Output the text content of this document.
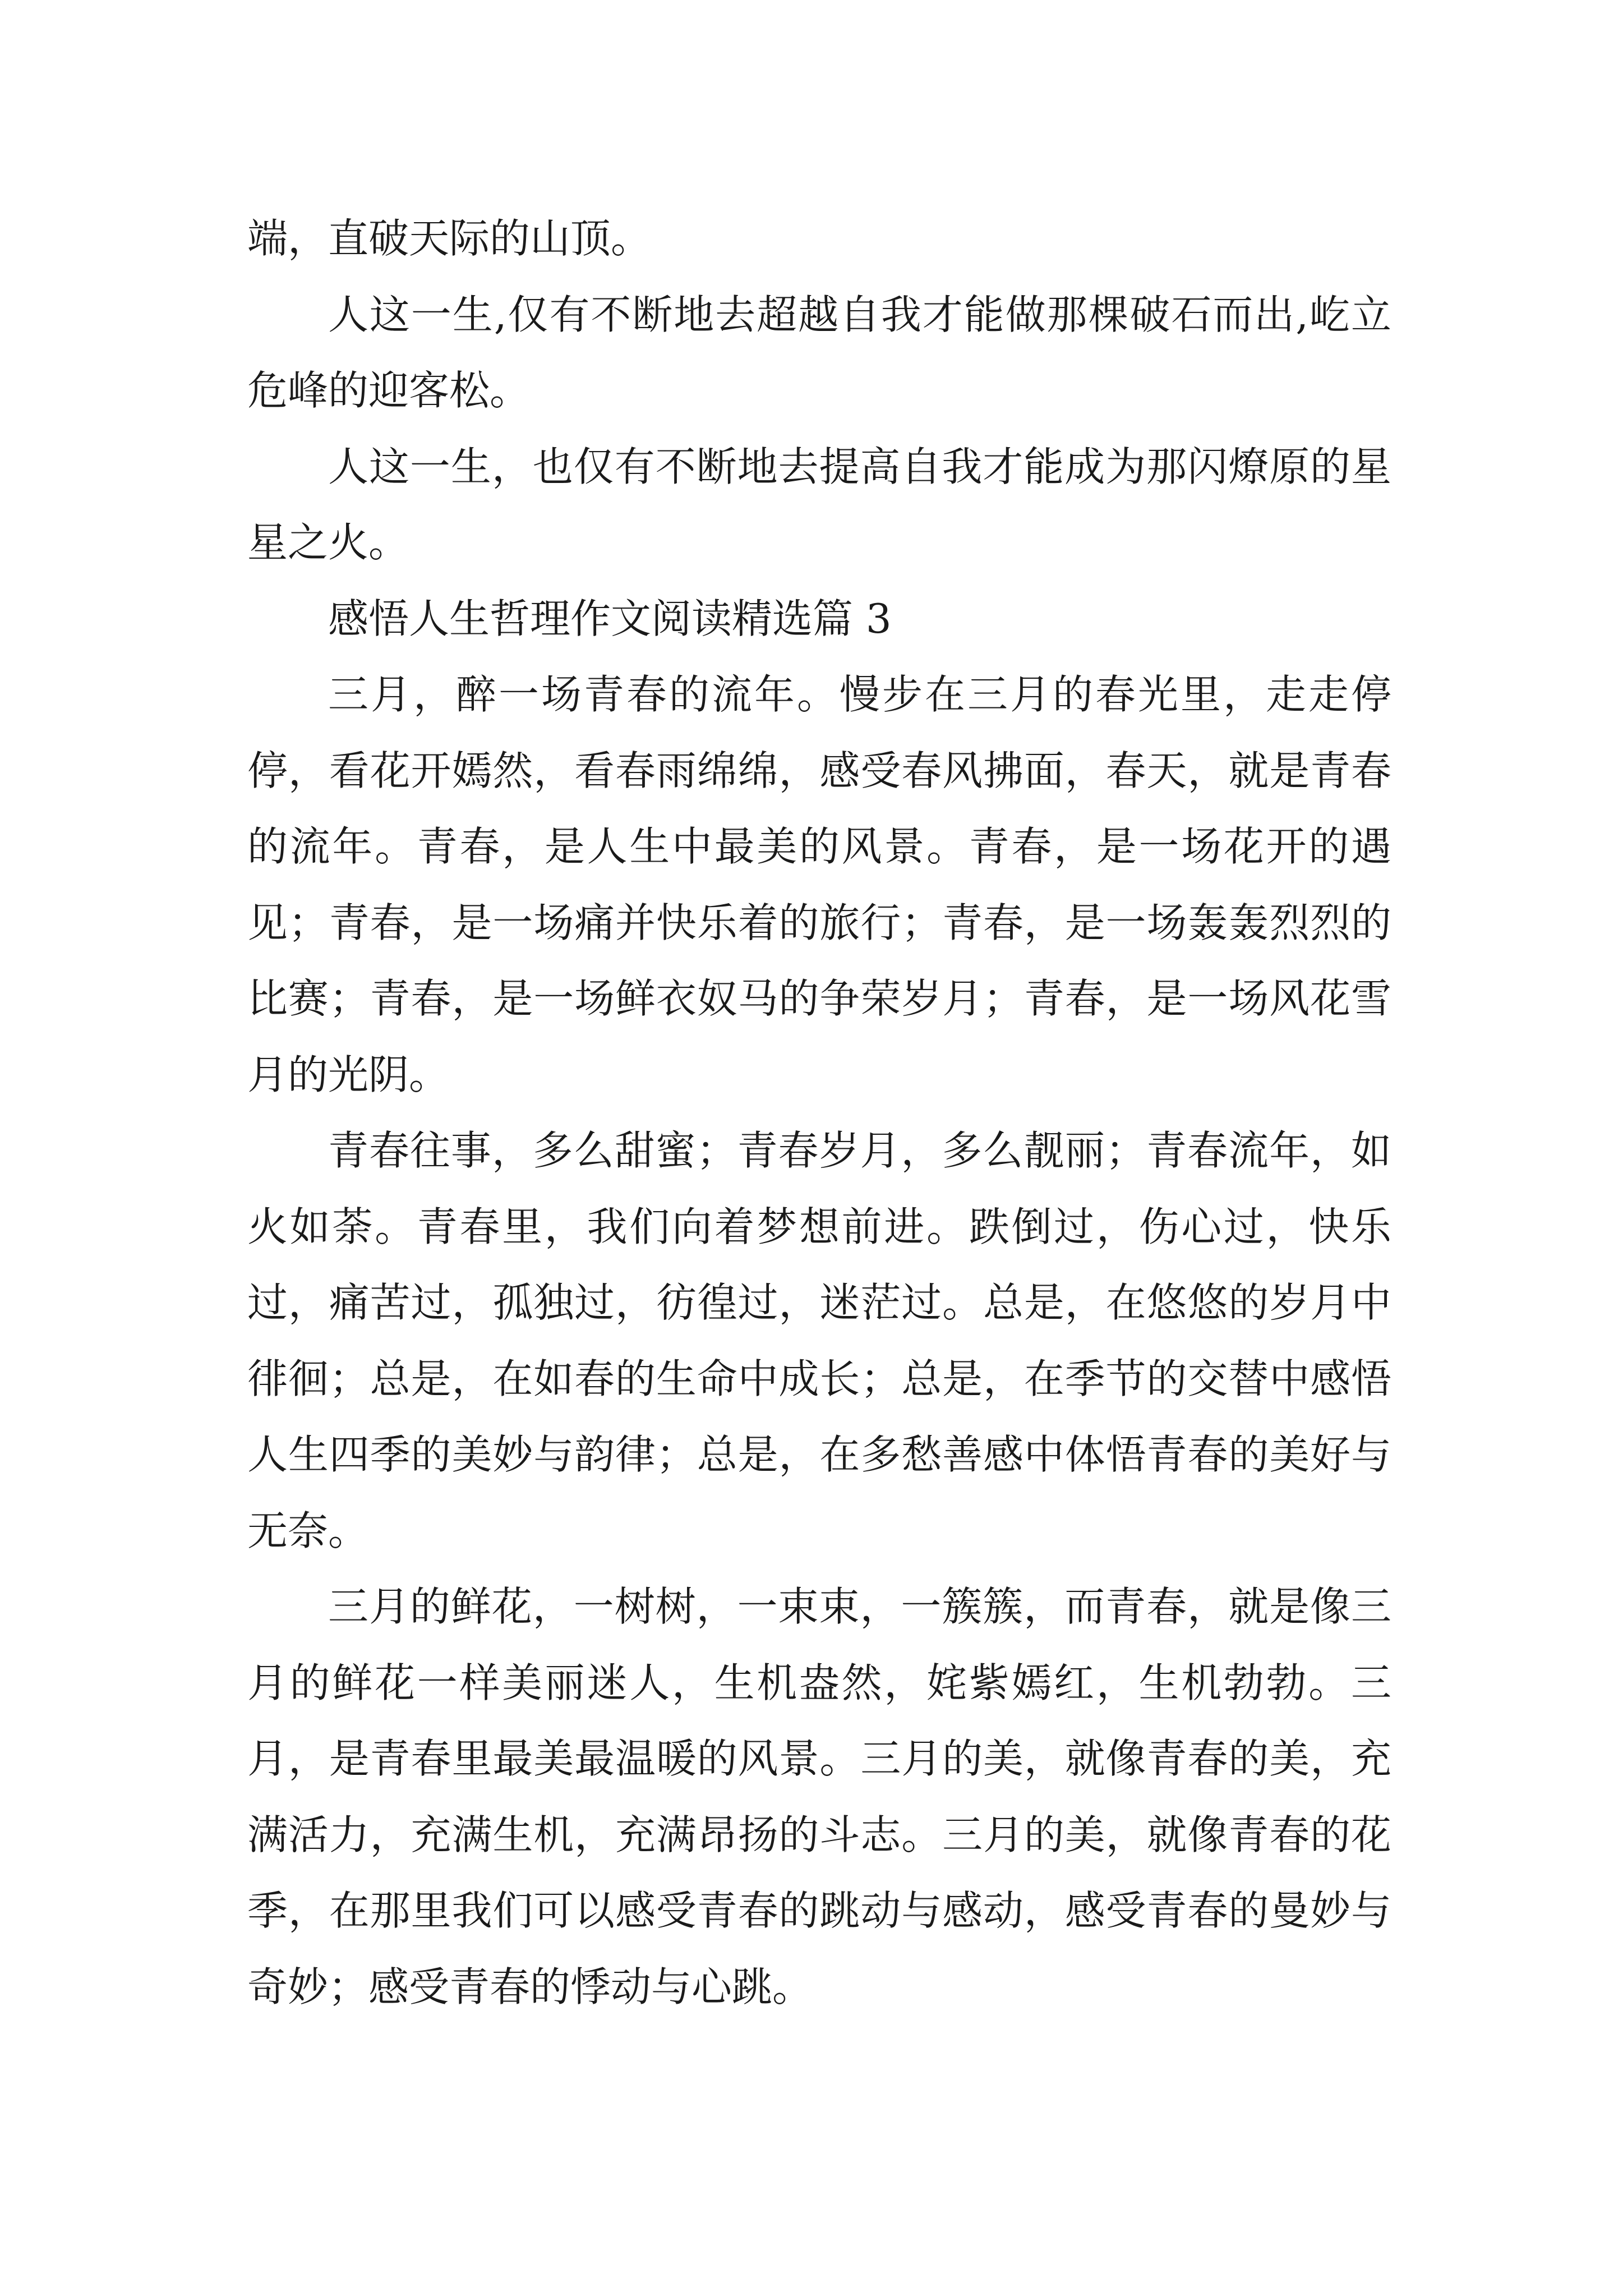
端，直破天际的山顶。

人这一生,仅有不断地去超越自我才能做那棵破石而出,屹立危峰的迎客松。

人这一生，也仅有不断地去提高自我才能成为那闪燎原的星星之火。

感悟人生哲理作文阅读精选篇 3

三月，醉一场青春的流年。慢步在三月的春光里，走走停停，看花开嫣然，看春雨绵绵，感受春风拂面，春天，就是青春的流年。青春，是人生中最美的风景。青春，是一场花开的遇见；青春，是一场痛并快乐着的旅行；青春，是一场轰轰烈烈的比赛；青春，是一场鲜衣奴马的争荣岁月；青春，是一场风花雪月的光阴。

青春往事，多么甜蜜；青春岁月，多么靓丽；青春流年，如火如荼。青春里，我们向着梦想前进。跌倒过，伤心过，快乐过，痛苦过，孤独过，彷徨过，迷茫过。总是，在悠悠的岁月中徘徊；总是，在如春的生命中成长；总是，在季节的交替中感悟人生四季的美妙与韵律；总是，在多愁善感中体悟青春的美好与无奈。

三月的鲜花，一树树，一束束，一簇簇，而青春，就是像三月的鲜花一样美丽迷人，生机盎然，姹紫嫣红，生机勃勃。三月，是青春里最美最温暖的风景。三月的美，就像青春的美，充满活力，充满生机，充满昂扬的斗志。三月的美，就像青春的花季，在那里我们可以感受青春的跳动与感动，感受青春的曼妙与奇妙；感受青春的悸动与心跳。
